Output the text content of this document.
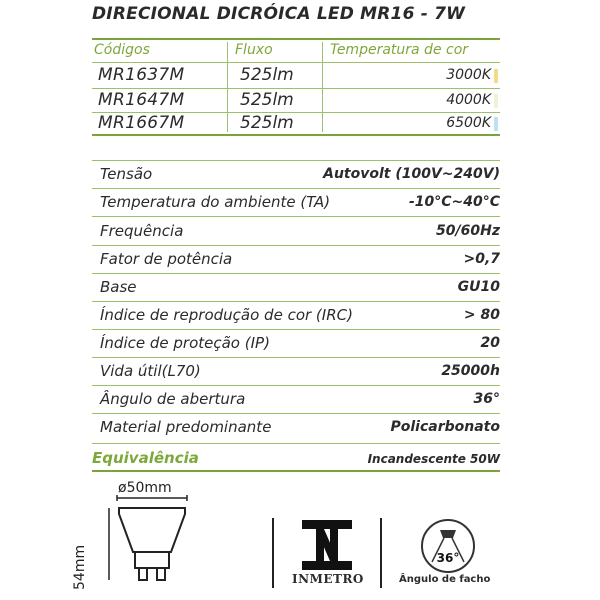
DIRECIONAL DICRÓICA LED MR16 - 7W
Códigos	Fluxo	Temperatura de cor
MR1637M	525lm	3000K
MR1647M	525lm	4000K
MR1667M	525lm	6500K
Tensão	Autovolt (100V~240V)
Temperatura do ambiente (TA)	-10°C~40°C
Frequência	50/60Hz
Fator de potência	>0,7
Base	GU10
Índice de reprodução de cor (IRC)	> 80
Índice de proteção (IP)	20
Vida útil(L70)	25000h
Ângulo de abertura	36°
Material predominante	Policarbonato
Equivalência	Incandescente 50W
ø50mm
54mm	INMETRO
36°
Ângulo de facho
